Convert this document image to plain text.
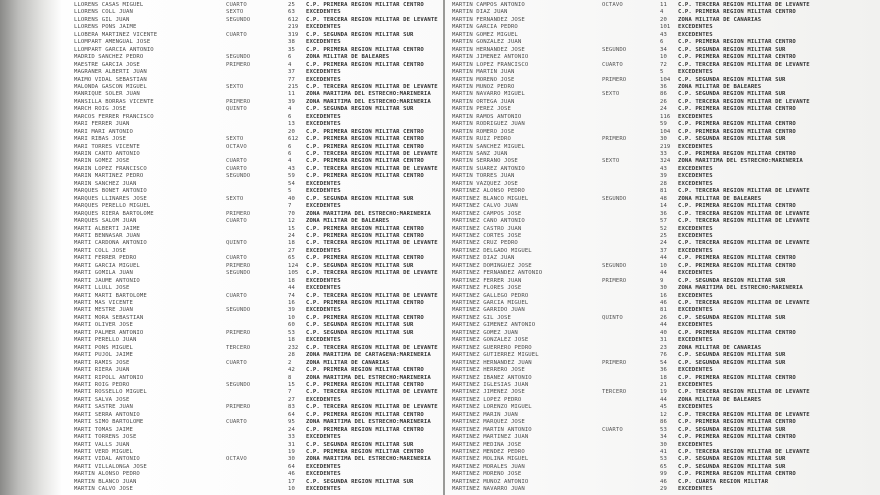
LLORENS CASAS MIGUEL	CUARTO	25 C.P. PRIMERA REGION MILITAR CENTRO
LLORENS COLL JUAN	SEXTO	63 EXCEDENTES
LLORENS GIL JUAN	SEGUNDO	612 C.P. TERCERA REGION MILITAR DE LEVANTE
LLORENS PONS JAIME	219 EXCEDENTES
LLOBERA MARTINEZ VICENTE	CUARTO	319 C.P. SEGUNDA REGION MILITAR SUR
LLOMPART AMENGUAL JOSE	38 EXCEDENTES
LLOMPART GARCIA ANTONIO	35 C.P. PRIMERA REGION MILITAR CENTRO
MADRID SANCHEZ PEDRO	SEGUNDO	6	ZONA MILITAR DE BALEARES
MAESTRE GARCIA JOSE	PRIMERO	4	C.P. PRIMERA REGION MILITAR CENTRO
MAGRANER ALBERTI JUAN	37 EXCEDENTES
MAIMO VIDAL SEBASTIAN	77 EXCEDENTES
MALONDA GASCON MIGUEL	SEXTO	215 C.P. TERCERA REGION MILITAR DE LEVANTE
MANRIQUE SOLER JUAN	11 ZONA MARITIMA DEL ESTRECHO:MARINERIA
MANSILLA BORRAS VICENTE	PRIMERO	39 ZONA MARITIMA DEL ESTRECHO:MARINERIA
MARCH ROIG JOSE	QUINTO	4	C.P. SEGUNDA REGION MILITAR SUR
MARCOS FERRER FRANCISCO	6	EXCEDENTES
MARI FERRER JUAN	13 EXCEDENTES
MARI MARI ANTONIO	20 C.P. PRIMERA REGION MILITAR CENTRO
MARI RIBAS JOSE	SEXTO	612 C.P. PRIMERA REGION MILITAR CENTRO
MARI TORRES VICENTE	OCTAVO	6	C.P. PRIMERA REGION MILITAR CENTRO
MARIN CANTO ANTONIO	6	C.P. TERCERA REGION MILITAR DE LEVANTE
MARIN GOMEZ JOSE	CUARTO	4	C.P. PRIMERA REGION MILITAR CENTRO
MARIN LOPEZ FRANCISCO	CUARTO	43 C.P. TERCERA REGION MILITAR DE LEVANTE
MARIN MARTINEZ PEDRO	SEGUNDO	59 C.P. PRIMERA REGION MILITAR CENTRO
MARIN SANCHEZ JUAN	54 EXCEDENTES
MARQUES BONET ANTONIO	5	EXCEDENTES
MARQUES LLINARES JOSE	SEXTO	40 C.P. SEGUNDA REGION MILITAR SUR
MARQUES PERELLO MIGUEL	7	EXCEDENTES
MARQUES RIERA BARTOLOME	PRIMERO	70 ZONA MARITIMA DEL ESTRECHO:MARINERIA
MARQUES SALOM JUAN	CUARTO	12 ZONA MILITAR DE BALEARES
MARTI ALBERTI JAIME	15 C.P. PRIMERA REGION MILITAR CENTRO
MARTI BENNASAR JUAN	24 C.P. PRIMERA REGION MILITAR CENTRO
MARTI CARDONA ANTONIO	QUINTO	18 C.P. TERCERA REGION MILITAR DE LEVANTE
MARTI COLL JOSE	27 EXCEDENTES
MARTI FERRER PEDRO	CUARTO	65 C.P. PRIMERA REGION MILITAR CENTRO
MARTI GARCIA MIGUEL	PRIMERO	124 C.P. SEGUNDA REGION MILITAR SUR
MARTI GOMILA JUAN	SEGUNDO	105 C.P. TERCERA REGION MILITAR DE LEVANTE
MARTI JAUME ANTONIO	18 EXCEDENTES
MARTI LLULL JOSE	44 EXCEDENTES
MARTI MARTI BARTOLOME	CUARTO	74 C.P. TERCERA REGION MILITAR DE LEVANTE
MARTI MAS VICENTE	16 C.P. PRIMERA REGION MILITAR CENTRO
MARTI MESTRE JUAN	SEGUNDO	39 EXCEDENTES
MARTI MORA SEBASTIAN	10 C.P. PRIMERA REGION MILITAR CENTRO
MARTI OLIVER JOSE	60 C.P. SEGUNDA REGION MILITAR SUR
MARTI PALMER ANTONIO	PRIMERO	53 C.P. SEGUNDA REGION MILITAR SUR
MARTI PERELLO JUAN	18 EXCEDENTES
MARTI PONS MIGUEL	TERCERO	232 C.P. TERCERA REGION MILITAR DE LEVANTE
MARTI PUJOL JAIME	28 ZONA MARITIMA DE CARTAGENA:MARINERIA
MARTI RAMIS JOSE	CUARTO	2	ZONA MILITAR DE CANARIAS
MARTI RIERA JUAN	42 C.P. PRIMERA REGION MILITAR CENTRO
MARTI RIPOLL ANTONIO	8	ZONA MARITIMA DEL ESTRECHO:MARINERIA
MARTI ROIG PEDRO	SEGUNDO	15 C.P. PRIMERA REGION MILITAR CENTRO
MARTI ROSSELLO MIGUEL	7	C.P. TERCERA REGION MILITAR DE LEVANTE
MARTI SALVA JOSE	27 EXCEDENTES
MARTI SASTRE JUAN	PRIMERO	83 C.P. TERCERA REGION MILITAR DE LEVANTE
MARTI SERRA ANTONIO	64 C.P. PRIMERA REGION MILITAR CENTRO
MARTI SIMO BARTOLOME	CUARTO	95 ZONA MARITIMA DEL ESTRECHO:MARINERIA
MARTI TOMAS JAIME	24 C.P. PRIMERA REGION MILITAR CENTRO
MARTI TORRENS JOSE	33 EXCEDENTES
MARTI VALLS JUAN	31 C.P. SEGUNDA REGION MILITAR SUR
MARTI VERD MIGUEL	19 C.P. PRIMERA REGION MILITAR CENTRO
MARTI VIDAL ANTONIO	OCTAVO	30 ZONA MARITIMA DEL ESTRECHO:MARINERIA
MARTI VILLALONGA JOSE	64 EXCEDENTES
MARTIN ALONSO PEDRO	46 EXCEDENTES
MARTIN BLANCO JUAN	17 C.P. SEGUNDA REGION MILITAR SUR
MARTIN CALVO JOSE	10 EXCEDENTES
MARTIN CAMPOS ANTONIO	OCTAVO	11 C.P. TERCERA REGION MILITAR DE LEVANTE
MARTIN DIAZ JUAN	4	C.P. PRIMERA REGION MILITAR CENTRO
MARTIN FERNANDEZ JOSE	20 ZONA MILITAR DE CANARIAS
MARTIN GARCIA PEDRO	101 EXCEDENTES
MARTIN GOMEZ MIGUEL	43 EXCEDENTES
MARTIN GONZALEZ JUAN	6	C.P. PRIMERA REGION MILITAR CENTRO
MARTIN HERNANDEZ JOSE	SEGUNDO	34 C.P. SEGUNDA REGION MILITAR SUR
MARTIN JIMENEZ ANTONIO	10 C.P. PRIMERA REGION MILITAR CENTRO
MARTIN LOPEZ FRANCISCO	CUARTO	72 C.P. TERCERA REGION MILITAR DE LEVANTE
MARTIN MARTIN JUAN	5	EXCEDENTES
MARTIN MORENO JOSE	PRIMERO	104 C.P. SEGUNDA REGION MILITAR SUR
MARTIN MUNOZ PEDRO	36 ZONA MILITAR DE BALEARES
MARTIN NAVARRO MIGUEL	SEXTO	86 C.P. SEGUNDA REGION MILITAR SUR
MARTIN ORTEGA JUAN	26 C.P. TERCERA REGION MILITAR DE LEVANTE
MARTIN PEREZ JOSE	24 C.P. PRIMERA REGION MILITAR CENTRO
MARTIN RAMOS ANTONIO	116 EXCEDENTES
MARTIN RODRIGUEZ JUAN	59 C.P. PRIMERA REGION MILITAR CENTRO
MARTIN ROMERO JOSE	104 C.P. PRIMERA REGION MILITAR CENTRO
MARTIN RUIZ PEDRO	PRIMERO	30 C.P. SEGUNDA REGION MILITAR SUR
MARTIN SANCHEZ MIGUEL	219 EXCEDENTES
MARTIN SANZ JUAN	33 C.P. PRIMERA REGION MILITAR CENTRO
MARTIN SERRANO JOSE	SEXTO	324 ZONA MARITIMA DEL ESTRECHO:MARINERIA
MARTIN SUAREZ ANTONIO	43 EXCEDENTES
MARTIN TORRES JUAN	39 EXCEDENTES
MARTIN VAZQUEZ JOSE	28 EXCEDENTES
MARTINEZ ALONSO PEDRO	81 C.P. TERCERA REGION MILITAR DE LEVANTE
MARTINEZ BLANCO MIGUEL	SEGUNDO	48 ZONA MILITAR DE BALEARES
MARTINEZ CALVO JUAN	14 C.P. PRIMERA REGION MILITAR CENTRO
MARTINEZ CAMPOS JOSE	36 C.P. TERCERA REGION MILITAR DE LEVANTE
MARTINEZ CANO ANTONIO	57 C.P. TERCERA REGION MILITAR DE LEVANTE
MARTINEZ CASTRO JUAN	52 EXCEDENTES
MARTINEZ CORTES JOSE	25 EXCEDENTES
MARTINEZ CRUZ PEDRO	24 C.P. TERCERA REGION MILITAR DE LEVANTE
MARTINEZ DELGADO MIGUEL	37 EXCEDENTES
MARTINEZ DIAZ JUAN	44 C.P. PRIMERA REGION MILITAR CENTRO
MARTINEZ DOMINGUEZ JOSE	SEGUNDO	10 C.P. PRIMERA REGION MILITAR CENTRO
MARTINEZ FERNANDEZ ANTONIO	44 EXCEDENTES
MARTINEZ FERRER JUAN	PRIMERO	9	C.P. SEGUNDA REGION MILITAR SUR
MARTINEZ FLORES JOSE	30 ZONA MARITIMA DEL ESTRECHO:MARINERIA
MARTINEZ GALLEGO PEDRO	16 EXCEDENTES
MARTINEZ GARCIA MIGUEL	46 C.P. TERCERA REGION MILITAR DE LEVANTE
MARTINEZ GARRIDO JUAN	81 EXCEDENTES
MARTINEZ GIL JOSE	QUINTO	26 C.P. SEGUNDA REGION MILITAR SUR
MARTINEZ GIMENEZ ANTONIO	44 EXCEDENTES
MARTINEZ GOMEZ JUAN	40 C.P. PRIMERA REGION MILITAR CENTRO
MARTINEZ GONZALEZ JOSE	31 EXCEDENTES
MARTINEZ GUERRERO PEDRO	23 ZONA MILITAR DE CANARIAS
MARTINEZ GUTIERREZ MIGUEL	76 C.P. SEGUNDA REGION MILITAR SUR
MARTINEZ HERNANDEZ JUAN	PRIMERO	54 C.P. SEGUNDA REGION MILITAR SUR
MARTINEZ HERRERO JOSE	36 EXCEDENTES
MARTINEZ IBANEZ ANTONIO	18 C.P. PRIMERA REGION MILITAR CENTRO
MARTINEZ IGLESIAS JUAN	21 EXCEDENTES
MARTINEZ JIMENEZ JOSE	TERCERO	19 C.P. TERCERA REGION MILITAR DE LEVANTE
MARTINEZ LOPEZ PEDRO	44 ZONA MILITAR DE BALEARES
MARTINEZ LORENZO MIGUEL	45 EXCEDENTES
MARTINEZ MARIN JUAN	12 C.P. TERCERA REGION MILITAR DE LEVANTE
MARTINEZ MARQUEZ JOSE	86 C.P. PRIMERA REGION MILITAR CENTRO
MARTINEZ MARTIN ANTONIO	CUARTO	53 C.P. SEGUNDA REGION MILITAR SUR
MARTINEZ MARTINEZ JUAN	34 C.P. PRIMERA REGION MILITAR CENTRO
MARTINEZ MEDINA JOSE	30 EXCEDENTES
MARTINEZ MENDEZ PEDRO	41 C.P. TERCERA REGION MILITAR DE LEVANTE
MARTINEZ MOLINA MIGUEL	53 C.P. SEGUNDA REGION MILITAR SUR
MARTINEZ MORALES JUAN	65 C.P. SEGUNDA REGION MILITAR SUR
MARTINEZ MORENO JOSE	99 C.P. PRIMERA REGION MILITAR CENTRO
MARTINEZ MUNOZ ANTONIO	46 C.P. CUARTA REGION MILITAR
MARTINEZ NAVARRO JUAN	29 EXCEDENTES
